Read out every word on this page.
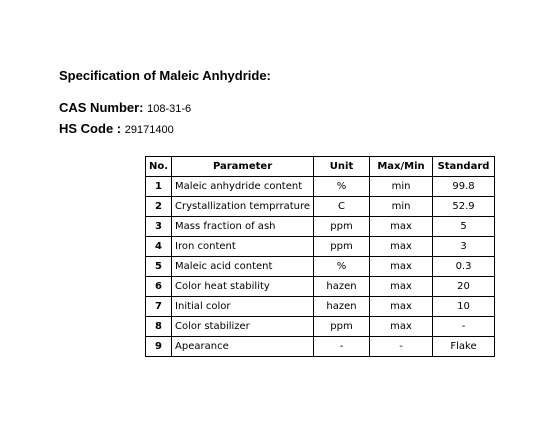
Specification of Maleic Anhydride:
CAS Number: 108-31-6
HS Code : 29171400
No.	Parameter	Unit	Max/Min	Standard
1	Maleic anhydride content	%	min	99.8
2	Crystallization temprrature	C	min	52.9
3	Mass fraction of ash	ppm	max	5
4	Iron content	ppm	max	3
5	Maleic acid content	%	max	0.3
6	Color heat stability	hazen	max	20
7	Initial color	hazen	max	10
8	Color stabilizer	ppm	max	-
9	Apearance	-	-	Flake
